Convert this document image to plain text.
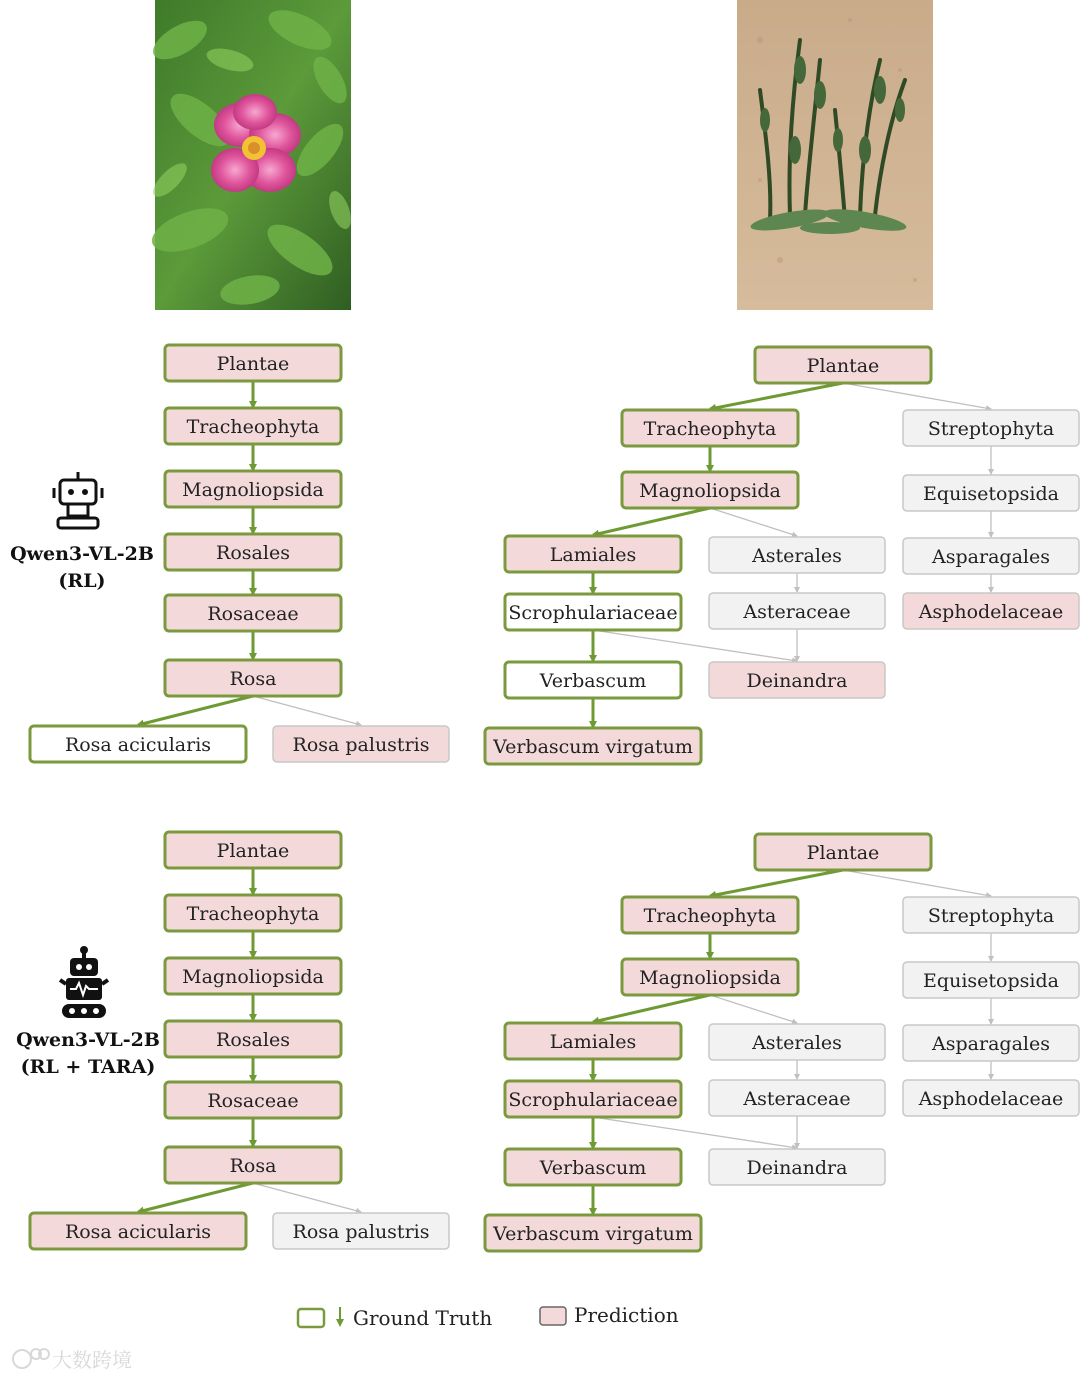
Qwen3-VL-2B
(RL)
Qwen3-VL-2B
(RL + TARA)
Plantae
Tracheophyta
Magnoliopsida
Rosales
Rosaceae
Rosa
Rosa acicularis	Rosa palustris
Plantae
Tracheophyta	Streptophyta
Magnoliopsida	Equisetopsida
Lamiales	Asterales	Asparagales
Scrophulariaceae	Asteraceae	Asphodelaceae
Verbascum	Deinandra
Verbascum virgatum
Plantae
Tracheophyta
Magnoliopsida
Rosales
Rosaceae
Rosa
Rosa acicularis	Rosa palustris
Plantae
Tracheophyta	Streptophyta
Magnoliopsida	Equisetopsida
Lamiales	Asterales	Asparagales
Scrophulariaceae	Asteraceae	Asphodelaceae
Verbascum	Deinandra
Verbascum virgatum
Ground Truth	Prediction
大数跨境
